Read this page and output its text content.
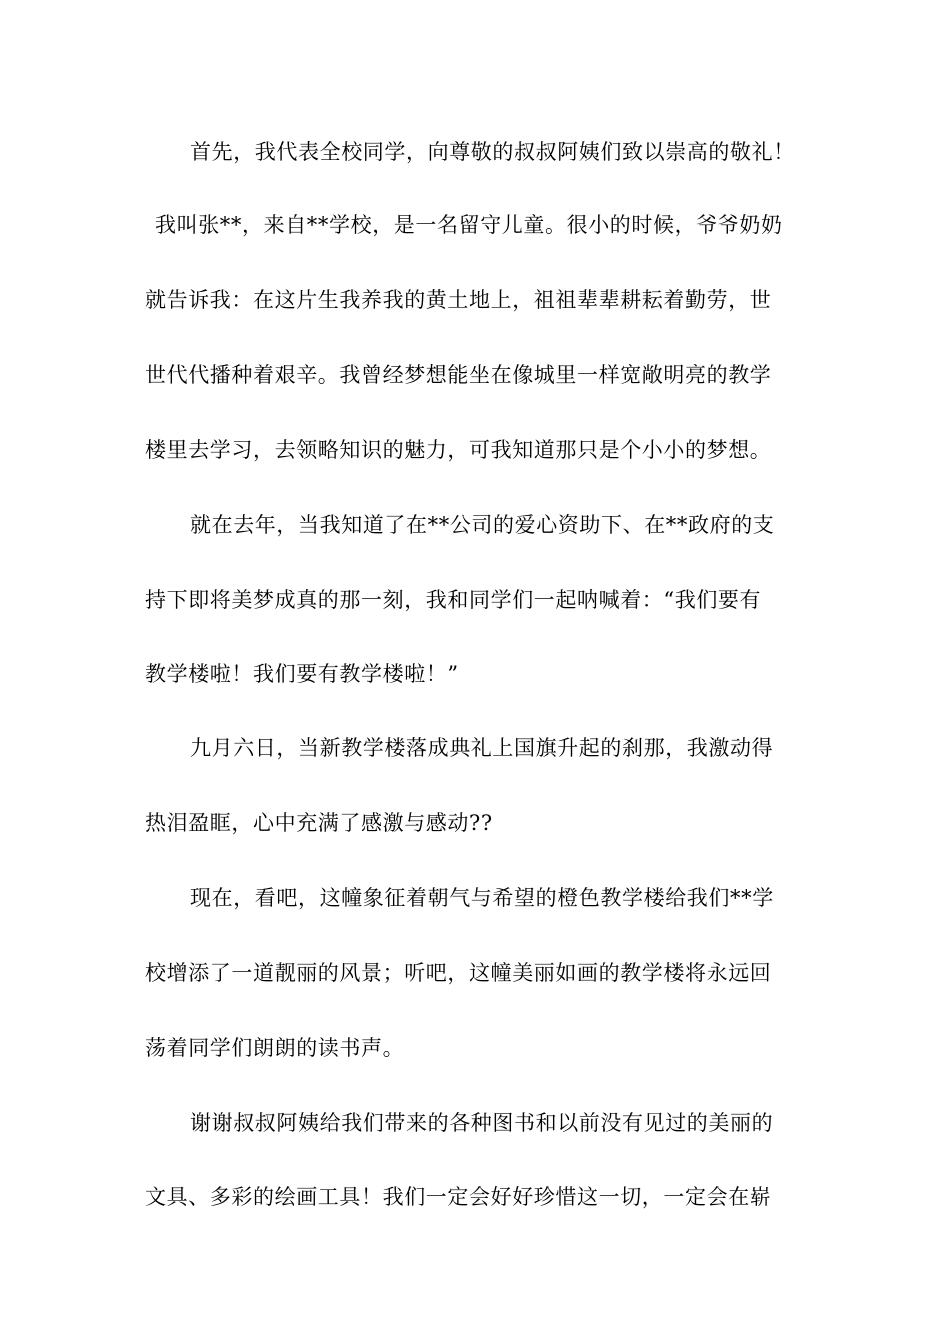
首先，我代表全校同学，向尊敬的叔叔阿姨们致以崇高的敬礼！
我叫张**，来自**学校，是一名留守儿童。很小的时候，爷爷奶奶
就告诉我：在这片生我养我的黄土地上，祖祖辈辈耕耘着勤劳，世
世代代播种着艰辛。我曾经梦想能坐在像城里一样宽敞明亮的教学
楼里去学习，去领略知识的魅力，可我知道那只是个小小的梦想。
就在去年，当我知道了在**公司的爱心资助下、在**政府的支
持下即将美梦成真的那一刻，我和同学们一起呐喊着：“我们要有
教学楼啦！我们要有教学楼啦！”
九月六日，当新教学楼落成典礼上国旗升起的刹那，我激动得
热泪盈眶，心中充满了感激与感动??
现在，看吧，这幢象征着朝气与希望的橙色教学楼给我们**学
校增添了一道靓丽的风景；听吧，这幢美丽如画的教学楼将永远回
荡着同学们朗朗的读书声。
谢谢叔叔阿姨给我们带来的各种图书和以前没有见过的美丽的
文具、多彩的绘画工具！我们一定会好好珍惜这一切，一定会在崭
